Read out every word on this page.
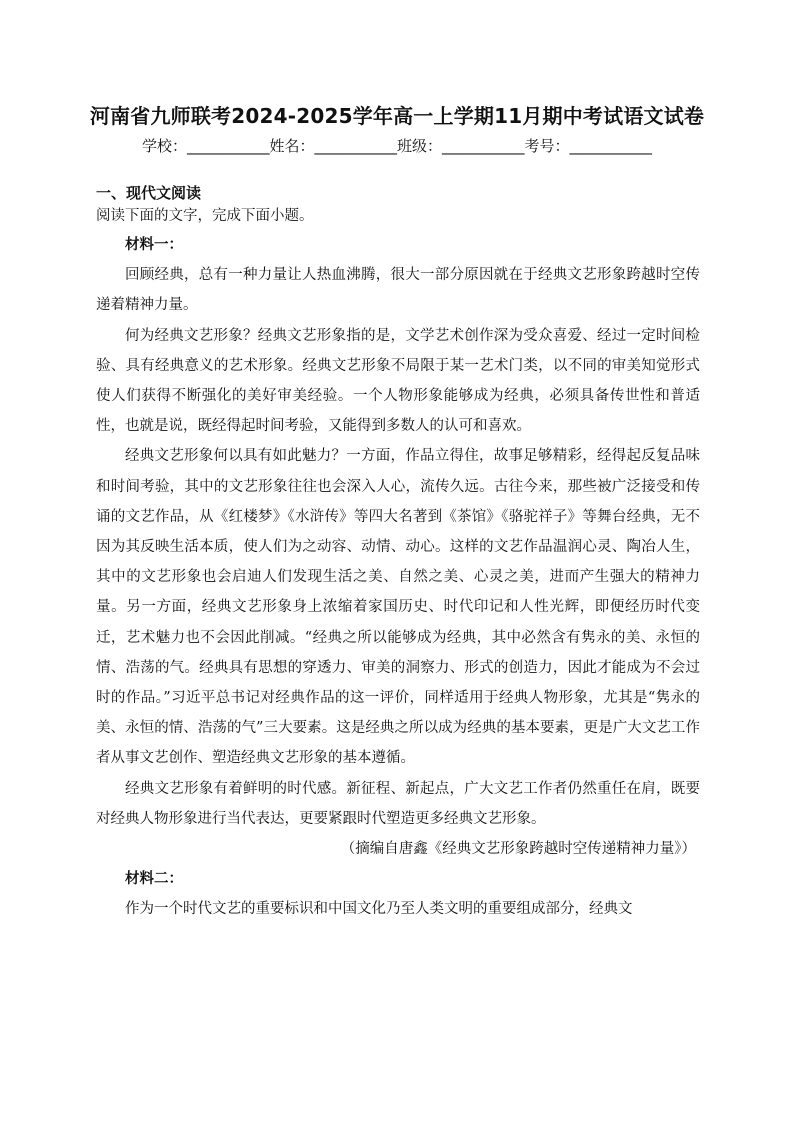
河南省九师联考2024-2025学年高一上学期11月期中考试语文试卷
学校：___________姓名：___________班级：___________考号：___________
一、现代文阅读
阅读下面的文字，完成下面小题。

材料一：

回顾经典，总有一种力量让人热血沸腾，很大一部分原因就在于经典文艺形象跨越时空传递着精神力量。

何为经典文艺形象？经典文艺形象指的是，文学艺术创作深为受众喜爱、经过一定时间检验、具有经典意义的艺术形象。经典文艺形象不局限于某一艺术门类，以不同的审美知觉形式使人们获得不断强化的美好审美经验。一个人物形象能够成为经典，必须具备传世性和普适性，也就是说，既经得起时间考验，又能得到多数人的认可和喜欢。

经典文艺形象何以具有如此魅力？一方面，作品立得住，故事足够精彩，经得起反复品味和时间考验，其中的文艺形象往往也会深入人心，流传久远。古往今来，那些被广泛接受和传诵的文艺作品，从《红楼梦》《水浒传》等四大名著到《茶馆》《骆驼祥子》等舞台经典，无不因为其反映生活本质，使人们为之动容、动情、动心。这样的文艺作品温润心灵、陶冶人生，其中的文艺形象也会启迪人们发现生活之美、自然之美、心灵之美，进而产生强大的精神力量。另一方面，经典文艺形象身上浓缩着家国历史、时代印记和人性光辉，即便经历时代变迁，艺术魅力也不会因此削减。“经典之所以能够成为经典，其中必然含有隽永的美、永恒的情、浩荡的气。经典具有思想的穿透力、审美的洞察力、形式的创造力，因此才能成为不会过时的作品。”习近平总书记对经典作品的这一评价，同样适用于经典人物形象，尤其是“隽永的美、永恒的情、浩荡的气”三大要素。这是经典之所以成为经典的基本要素，更是广大文艺工作者从事文艺创作、塑造经典文艺形象的基本遵循。

经典文艺形象有着鲜明的时代感。新征程、新起点，广大文艺工作者仍然重任在肩，既要对经典人物形象进行当代表达，更要紧跟时代塑造更多经典文艺形象。

（摘编自唐鑫《经典文艺形象跨越时空传递精神力量》）

材料二：

作为一个时代文艺的重要标识和中国文化乃至人类文明的重要组成部分，经典文
